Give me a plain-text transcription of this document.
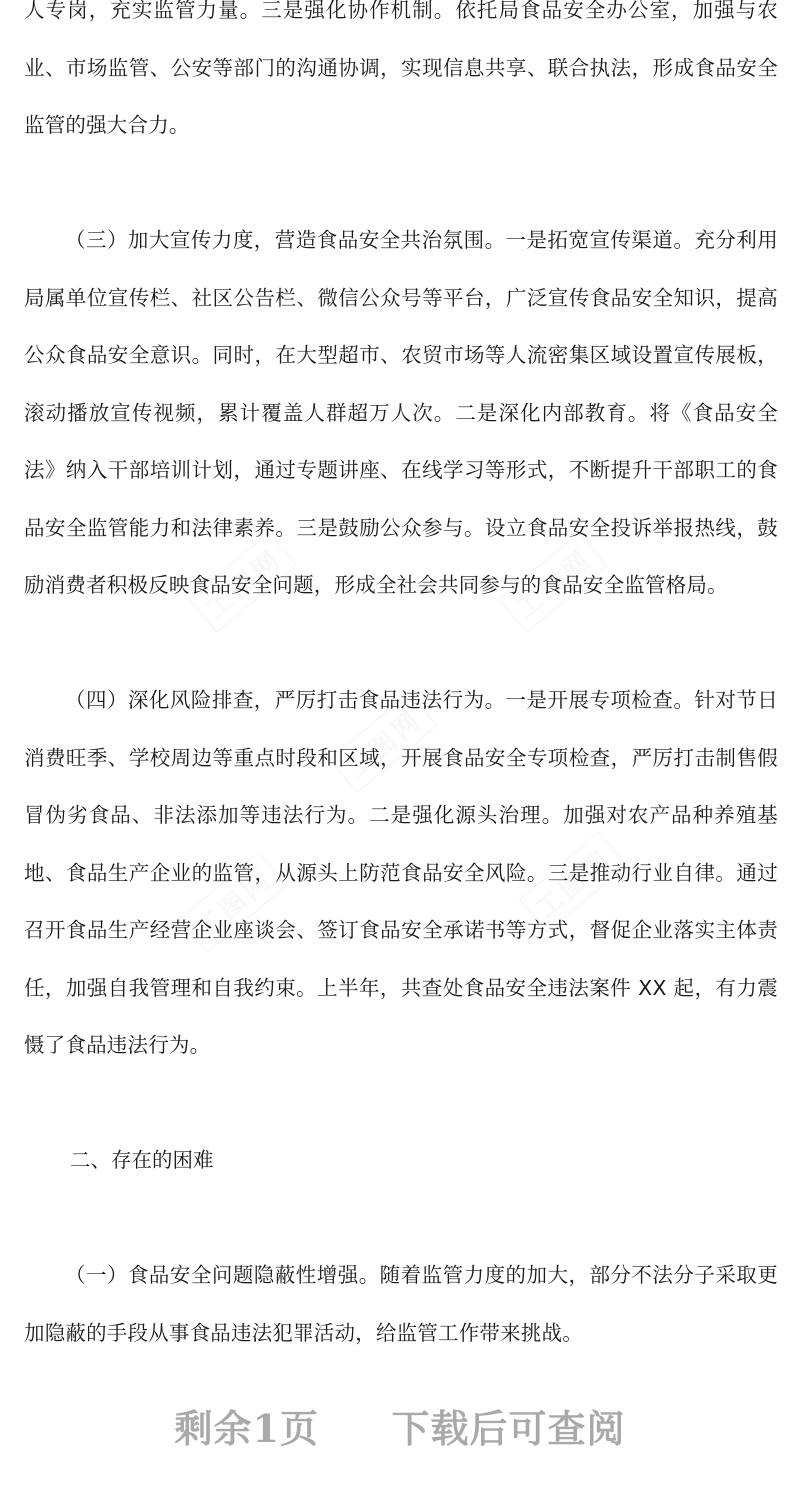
工图网	工图网
工图网
工图网	工图网

人专岗，充实监管力量。三是强化协作机制。依托局食品安全办公室，加强与农业、市场监管、公安等部门的沟通协调，实现信息共享、联合执法，形成食品安全监管的强大合力。

（三）加大宣传力度，营造食品安全共治氛围。一是拓宽宣传渠道。充分利用局属单位宣传栏、社区公告栏、微信公众号等平台，广泛宣传食品安全知识，提高公众食品安全意识。同时，在大型超市、农贸市场等人流密集区域设置宣传展板，滚动播放宣传视频，累计覆盖人群超万人次。二是深化内部教育。将《食品安全法》纳入干部培训计划，通过专题讲座、在线学习等形式，不断提升干部职工的食品安全监管能力和法律素养。三是鼓励公众参与。设立食品安全投诉举报热线，鼓励消费者积极反映食品安全问题，形成全社会共同参与的食品安全监管格局。

（四）深化风险排查，严厉打击食品违法行为。一是开展专项检查。针对节日消费旺季、学校周边等重点时段和区域，开展食品安全专项检查，严厉打击制售假冒伪劣食品、非法添加等违法行为。二是强化源头治理。加强对农产品种养殖基地、食品生产企业的监管，从源头上防范食品安全风险。三是推动行业自律。通过召开食品生产经营企业座谈会、签订食品安全承诺书等方式，督促企业落实主体责任，加强自我管理和自我约束。上半年，共查处食品安全违法案件 XX 起，有力震慑了食品违法行为。

二、存在的困难

（一）食品安全问题隐蔽性增强。随着监管力度的加大，部分不法分子采取更加隐蔽的手段从事食品违法犯罪活动，给监管工作带来挑战。

剩余1页 下载后可查阅
